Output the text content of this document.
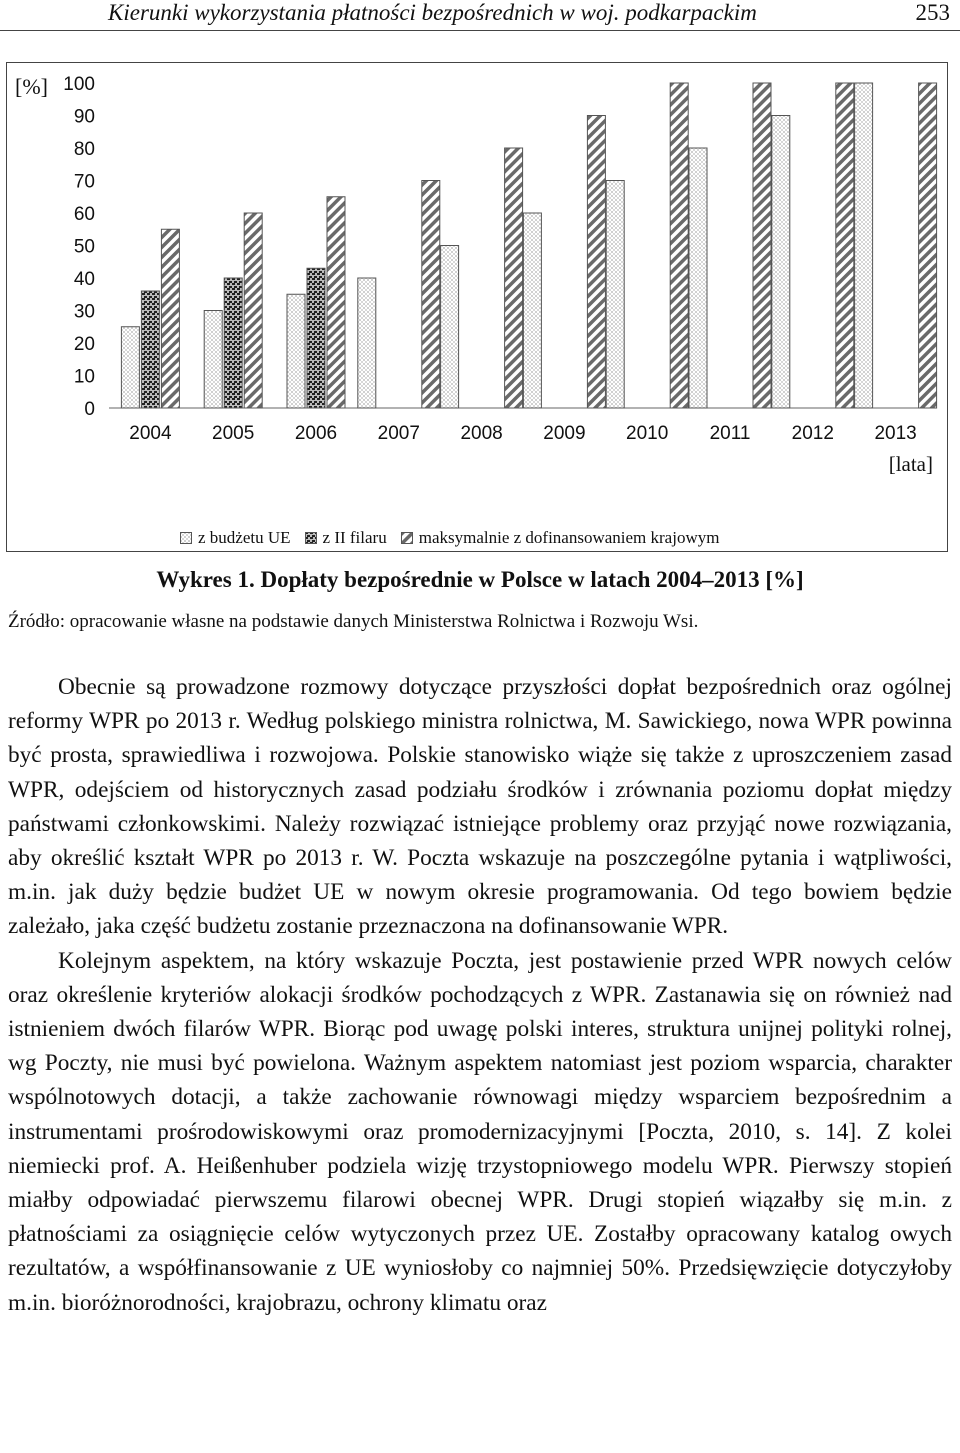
Kierunki wykorzystania płatności bezpośrednich w woj. podkarpackim	253
0
10
20
30
40
50
60
70
80
90
100
2004 2005 2006 2007 2008 2009 2010 2011 2012 2013
[%]
[lata]
z budżetu UE z II filaru maksymalnie z dofinansowaniem krajowym
Wykres 1. Dopłaty bezpośrednie w Polsce w latach 2004–2013 [%]
Źródło: opracowanie własne na podstawie danych Ministerstwa Rolnictwa i Rozwoju Wsi.

Obecnie są prowadzone rozmowy dotyczące przyszłości dopłat bezpośrednich oraz ogólnej reformy WPR po 2013 r. Według polskiego ministra rolnictwa, M. Sawickiego, nowa WPR powinna być prosta, sprawiedliwa i rozwojowa. Polskie stanowisko wiąże się także z uproszczeniem zasad WPR, odejściem od historycznych zasad podziału środków i zrównania poziomu dopłat między państwami członkowskimi. Należy rozwiązać istniejące problemy oraz przyjąć nowe rozwiązania, aby określić kształt WPR po 2013 r. W. Poczta wskazuje na poszczególne pytania i wątpliwości, m.in. jak duży będzie budżet UE w nowym okresie programowania. Od tego bowiem będzie zależało, jaka część budżetu zostanie przeznaczona na dofinansowanie WPR.

Kolejnym aspektem, na który wskazuje Poczta, jest postawienie przed WPR nowych celów oraz określenie kryteriów alokacji środków pochodzących z WPR. Zastanawia się on również nad istnieniem dwóch filarów WPR. Biorąc pod uwagę polski interes, struktura unijnej polityki rolnej, wg Poczty, nie musi być powielona. Ważnym aspektem natomiast jest poziom wsparcia, charakter wspólnotowych dotacji, a także zachowanie równowagi między wsparciem bezpośrednim a instrumentami prośrodowiskowymi oraz promodernizacyjnymi [Poczta, 2010, s. 14]. Z kolei niemiecki prof. A. Heißenhuber podziela wizję trzystopniowego modelu WPR. Pierwszy stopień miałby odpowiadać pierwszemu filarowi obecnej WPR. Drugi stopień wiązałby się m.in. z płatnościami za osiągnięcie celów wytyczonych przez UE. Zostałby opracowany katalog owych rezultatów, a współfinansowanie z UE wyniosłoby co najmniej 50%. Przedsięwzięcie dotyczyłoby m.in. bioróżnorodności, krajobrazu, ochrony klimatu oraz
